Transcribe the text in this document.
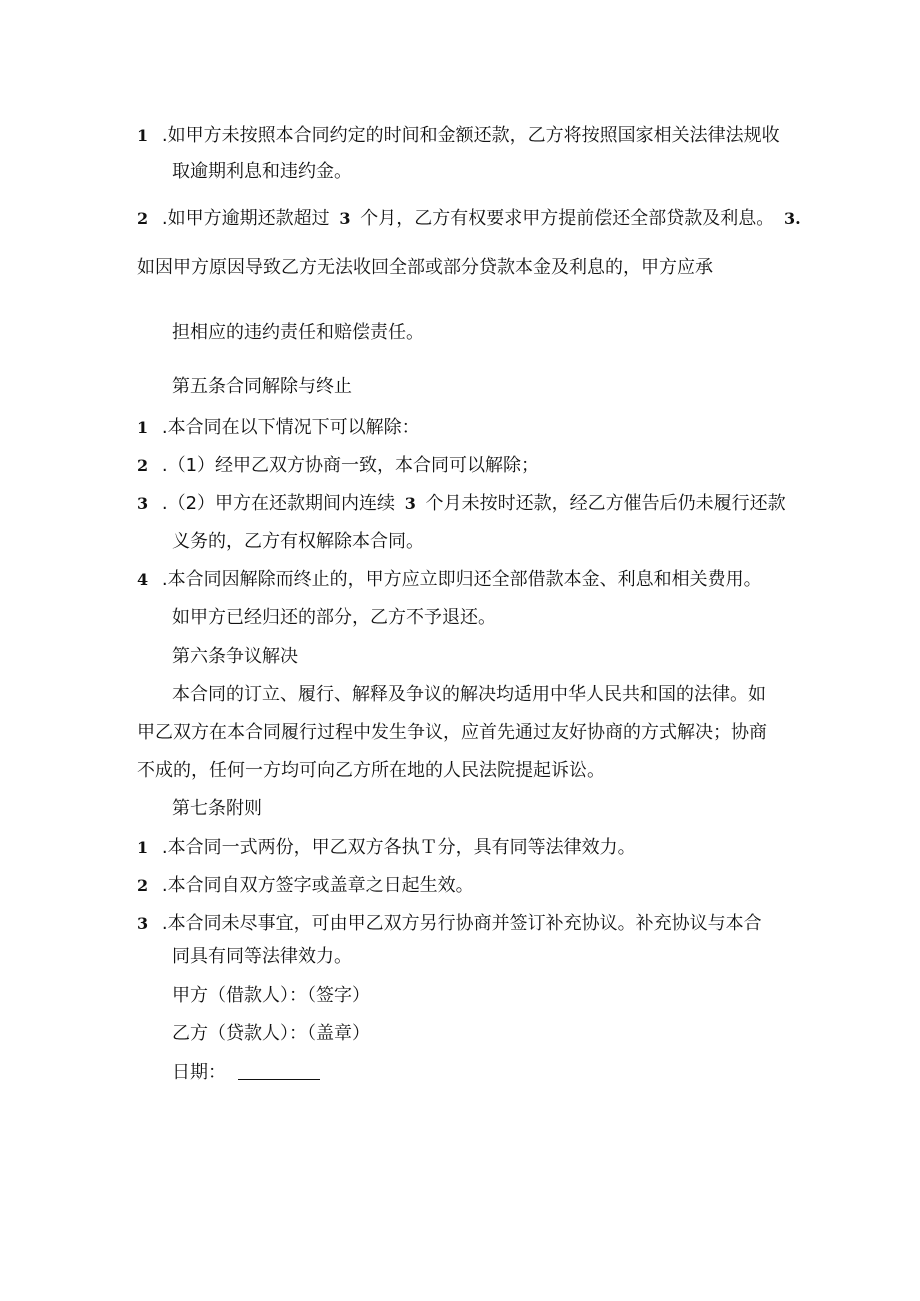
1 .如甲方未按照本合同约定的时间和金额还款，乙方将按照国家相关法律法规收
取逾期利息和违约金。
2 .如甲方逾期还款超过 3 个月，乙方有权要求甲方提前偿还全部贷款及利息。 3.
如因甲方原因导致乙方无法收回全部或部分贷款本金及利息的，甲方应承
担相应的违约责任和赔偿责任。
第五条合同解除与终止
1 .本合同在以下情况下可以解除：
2 .（1）经甲乙双方协商一致，本合同可以解除；
3 .（2）甲方在还款期间内连续 3 个月未按时还款，经乙方催告后仍未履行还款
义务的，乙方有权解除本合同。
4 .本合同因解除而终止的，甲方应立即归还全部借款本金、利息和相关费用。
如甲方已经归还的部分，乙方不予退还。
第六条争议解决
本合同的订立、履行、解释及争议的解决均适用中华人民共和国的法律。如
甲乙双方在本合同履行过程中发生争议，应首先通过友好协商的方式解决；协商
不成的，任何一方均可向乙方所在地的人民法院提起诉讼。
第七条附则
1 .本合同一式两份，甲乙双方各执Ｔ分，具有同等法律效力。
2 .本合同自双方签字或盖章之日起生效。
3 .本合同未尽事宜，可由甲乙双方另行协商并签订补充协议。补充协议与本合
同具有同等法律效力。
甲方（借款人）：（签字）
乙方（贷款人）：（盖章）
日期：
